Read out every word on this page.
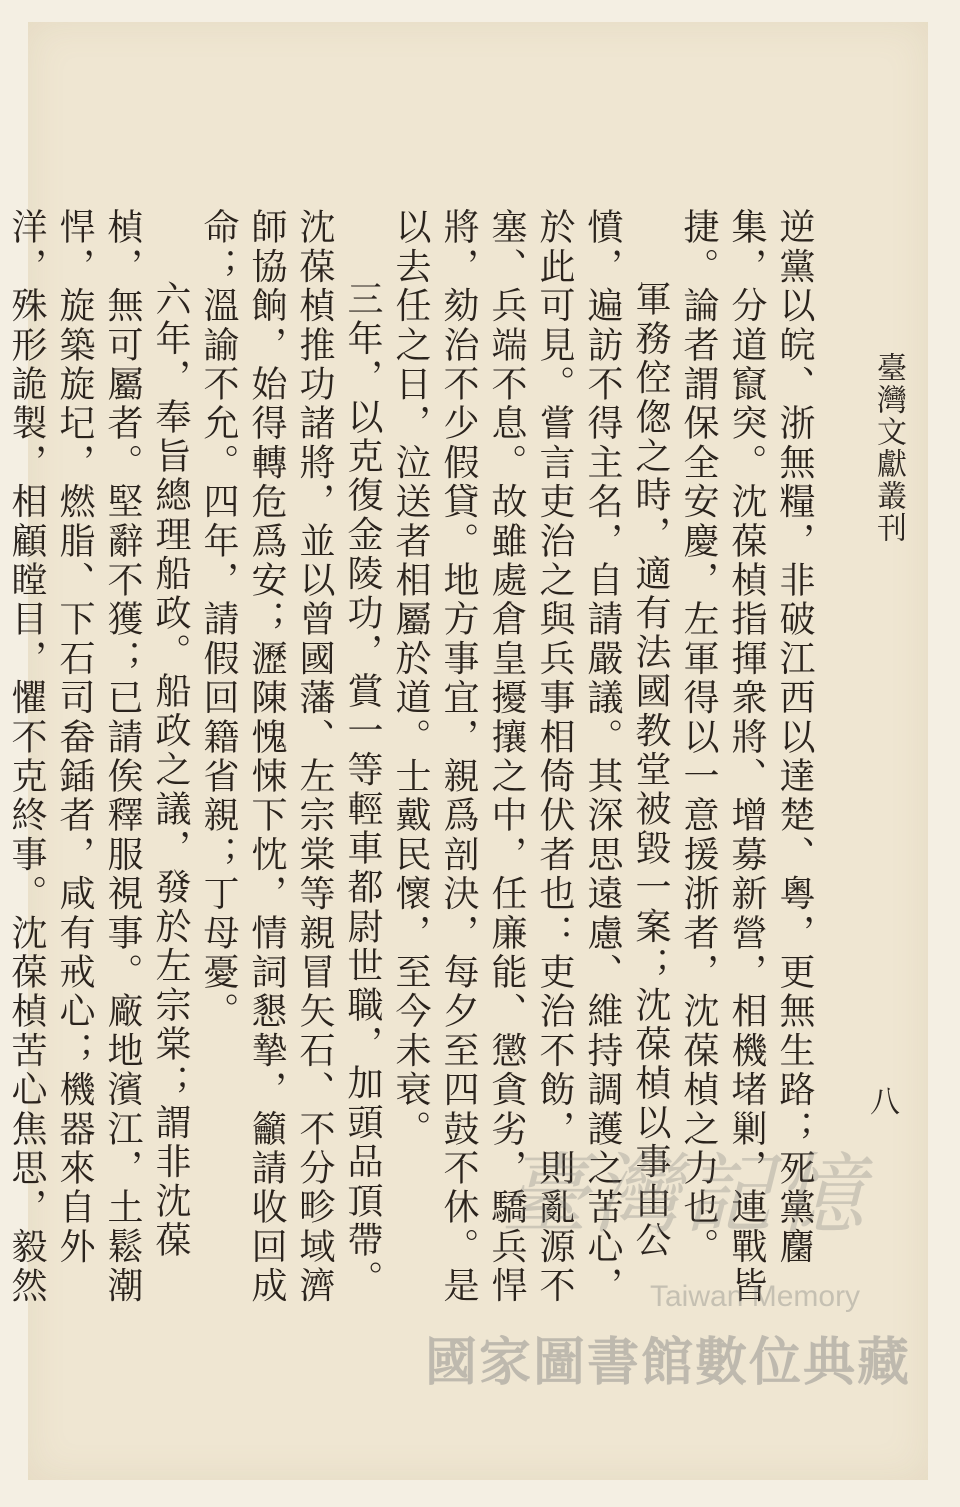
臺灣文獻叢刊
八

逆黨以皖、浙無糧，非破江西以達楚、粵，更無生路；死黨麕集，分道竄突。沈葆楨指揮衆將、增募新營，相機堵剿，連戰皆捷。論者謂保全安慶，左軍得以一意援浙者，沈葆楨之力也。

軍務倥偬之時，適有法國教堂被毀一案；沈葆楨以事由公憤，遍訪不得主名，自請嚴議。其深思遠慮、維持調護之苦心，於此可見。嘗言吏治之與兵事相倚伏者也：吏治不飭，則亂源不塞、兵端不息。故雖處倉皇擾攘之中，任廉能、懲貪劣，驕兵悍將，劾治不少假貸。地方事宜，親爲剖決，每夕至四鼓不休。是以去任之日，泣送者相屬於道。士戴民懷，至今未衰。

三年，以克復金陵功，賞一等輕車都尉世職，加頭品頂帶。沈葆楨推功諸將，並以曾國藩、左宗棠等親冒矢石、不分畛域濟師協餉，始得轉危爲安；瀝陳愧悚下忱，情詞懇摯，籲請收回成命；溫諭不允。四年，請假回籍省親；丁母憂。

六年，奉旨總理船政。船政之議，發於左宗棠；謂非沈葆楨，無可屬者。堅辭不獲；已請俟釋服視事。廠地濱江，土鬆潮悍，旋築旋圮，燃脂、下石司畚鍤者，咸有戒心；機器來自外洋，殊形詭製，相顧瞠目，懼不克終事。沈葆楨苦心焦思，毅然

臺灣記憶
Taiwan Memory
國家圖書館數位典藏
